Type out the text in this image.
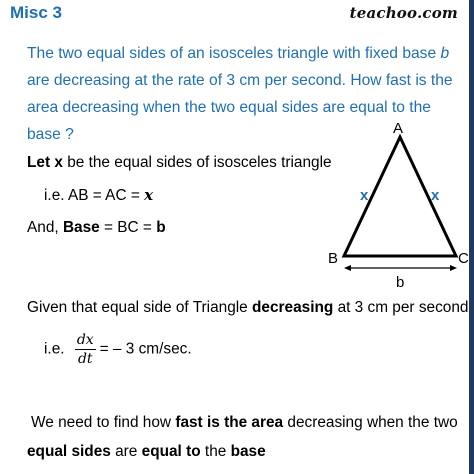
Misc 3	teachoo.com
The two equal sides of an isosceles triangle with fixed base b are decreasing at the rate of 3 cm per second. How fast is the area decreasing when the two equal sides are equal to the base ?	A
B	C
x	x
b
Let x be the equal sides of isosceles triangle
i.e. AB = AC = x
And, Base = BC = b
Given that equal side of Triangle decreasing at 3 cm per second
i.e. $\frac{dx}{dt}$ = – 3 cm/sec.
We need to find how fast is the area decreasing when the two
equal sides are equal to the base
